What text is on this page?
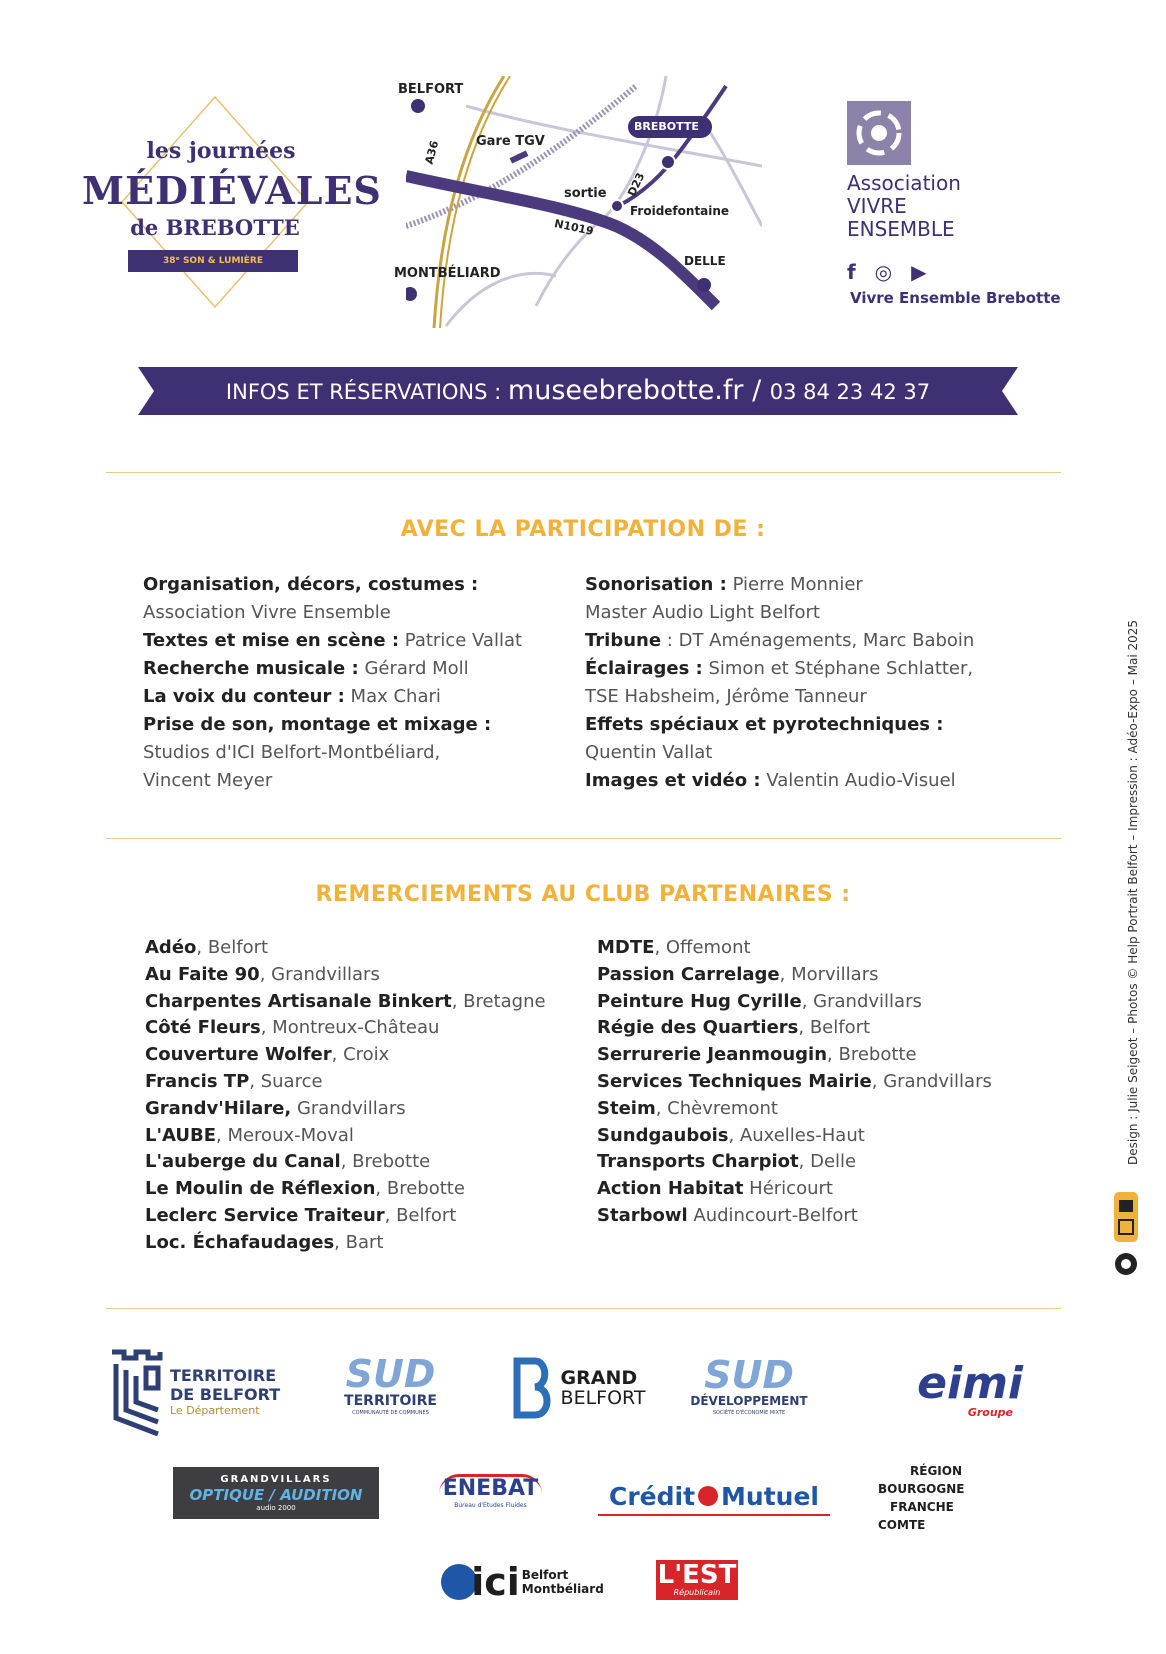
les journées
MÉDIÉVALES
de BREBOTTE
38ᵉ SON & LUMIÈRE
BELFORT
A36	Gare TGV
BREBOTTE
sortie D23
Froidefontaine
N1019
MONTBÉLIARD
DELLE
Association
VIVRE
ENSEMBLE
f ◎ ▶
Vivre Ensemble Brebotte
INFOS ET RÉSERVATIONS : museebrebotte.fr / 03 84 23 42 37
AVEC LA PARTICIPATION DE :
Organisation, décors, costumes :
Association Vivre Ensemble
Textes et mise en scène : Patrice Vallat
Recherche musicale : Gérard Moll
La voix du conteur : Max Chari
Prise de son, montage et mixage :
Studios d'ICI Belfort-Montbéliard,
Vincent Meyer
Sonorisation : Pierre Monnier
Master Audio Light Belfort
Tribune : DT Aménagements, Marc Baboin
Éclairages : Simon et Stéphane Schlatter,
TSE Habsheim, Jérôme Tanneur
Effets spéciaux et pyrotechniques :
Quentin Vallat
Images et vidéo : Valentin Audio-Visuel
REMERCIEMENTS AU CLUB PARTENAIRES :
Adéo, Belfort
Au Faite 90, Grandvillars
Charpentes Artisanale Binkert, Bretagne
Côté Fleurs, Montreux-Château
Couverture Wolfer, Croix
Francis TP, Suarce
Grandv'Hilare, Grandvillars
L'AUBE, Meroux-Moval
L'auberge du Canal, Brebotte
Le Moulin de Réflexion, Brebotte
Leclerc Service Traiteur, Belfort
Loc. Échafaudages, Bart
MDTE, Offemont
Passion Carrelage, Morvillars
Peinture Hug Cyrille, Grandvillars
Régie des Quartiers, Belfort
Serrurerie Jeanmougin, Brebotte
Services Techniques Mairie, Grandvillars
Steim, Chèvremont
Sundgaubois, Auxelles-Haut
Transports Charpiot, Delle
Action Habitat Héricourt
Starbowl Audincourt-Belfort
Design : Julie Seigeot – Photos © Help Portrait Belfort – Impression : Adéo-Expo – Mai 2025
TERRITOIRE
DE BELFORT
Le Département
SUD
TERRITOIRE
COMMUNAUTÉ DE COMMUNES
GRAND
BELFORT
SUD
DÉVELOPPEMENT
SOCIÉTÉ D'ÉCONOMIE MIXTE
eimi
Groupe
GRANDVILLARS
OPTIQUE / AUDITION
audio 2000
ENEBAT
Bureau d'Études Fluides	Crédit Mutuel
RÉGION
BOURGOGNE
FRANCHE
COMTE
ici Belfort
Montbéliard L'EST
Républicain
